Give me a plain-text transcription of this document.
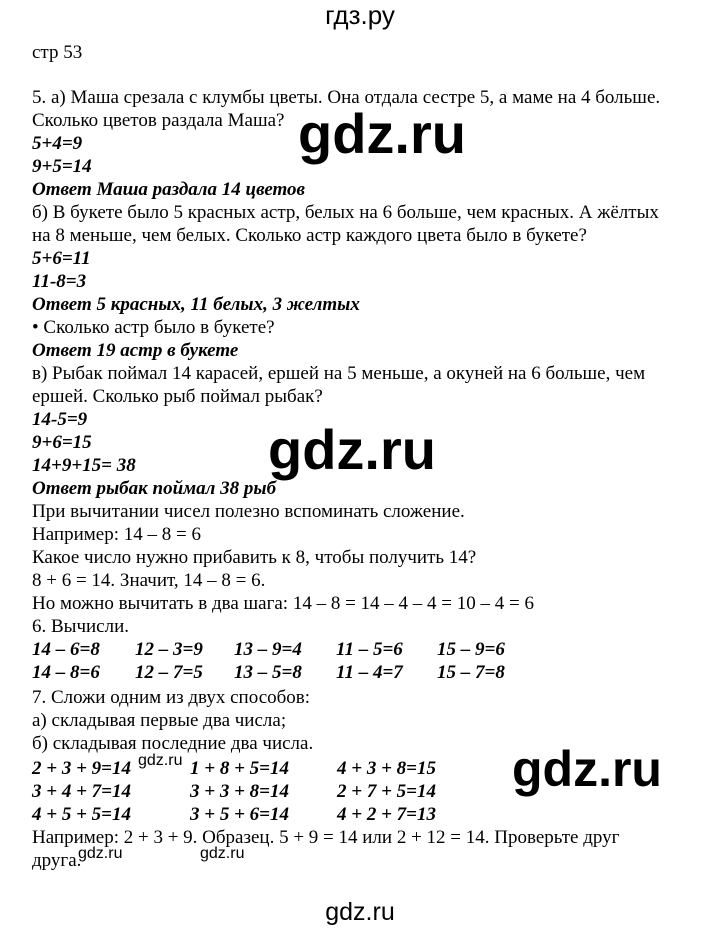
гдз.ру
стр 53
5. а) Маша срезала с клумбы цветы. Она отдала сестре 5, а маме на 4 больше.
Сколько цветов раздала Маша?
5+4=9
9+5=14
Ответ Маша раздала 14 цветов
б) В букете было 5 красных астр, белых на 6 больше, чем красных. А жёлтых
на 8 меньше, чем белых. Сколько астр каждого цвета было в букете?
5+6=11
11-8=3
Ответ 5 красных, 11 белых, 3 желтых
• Сколько астр было в букете?
Ответ 19 астр в букете
в) Рыбак поймал 14 карасей, ершей на 5 меньше, а окуней на 6 больше, чем
ершей. Сколько рыб поймал рыбак?
14-5=9
9+6=15
14+9+15= 38
Ответ рыбак поймал 38 рыб
При вычитании чисел полезно вспоминать сложение.
Например: 14 – 8 = 6
Какое число нужно прибавить к 8, чтобы получить 14?
8 + 6 = 14. Значит, 14 – 8 = 6.
Но можно вычитать в два шага: 14 – 8 = 14 – 4 – 4 = 10 – 4 = 6
6. Вычисли.
14 – 6=8 12 – 3=9 13 – 9=4 11 – 5=6 15 – 9=6
14 – 8=6 12 – 7=5 13 – 5=8 11 – 4=7 15 – 7=8
7. Сложи одним из двух способов:
а) складывая первые два числа;
б) складывая последние два числа.
2 + 3 + 9=14	1 + 8 + 5=14	4 + 3 + 8=15
3 + 4 + 7=14	3 + 3 + 8=14	2 + 7 + 5=14
4 + 5 + 5=14	3 + 5 + 6=14	4 + 2 + 7=13
Например: 2 + 3 + 9. Образец. 5 + 9 = 14 или 2 + 12 = 14. Проверьте друг
друга.
gdz.ru
gdz.ru
gdz.ru
gdz.ru
gdz.ru	gdz.ru
gdz.ru
